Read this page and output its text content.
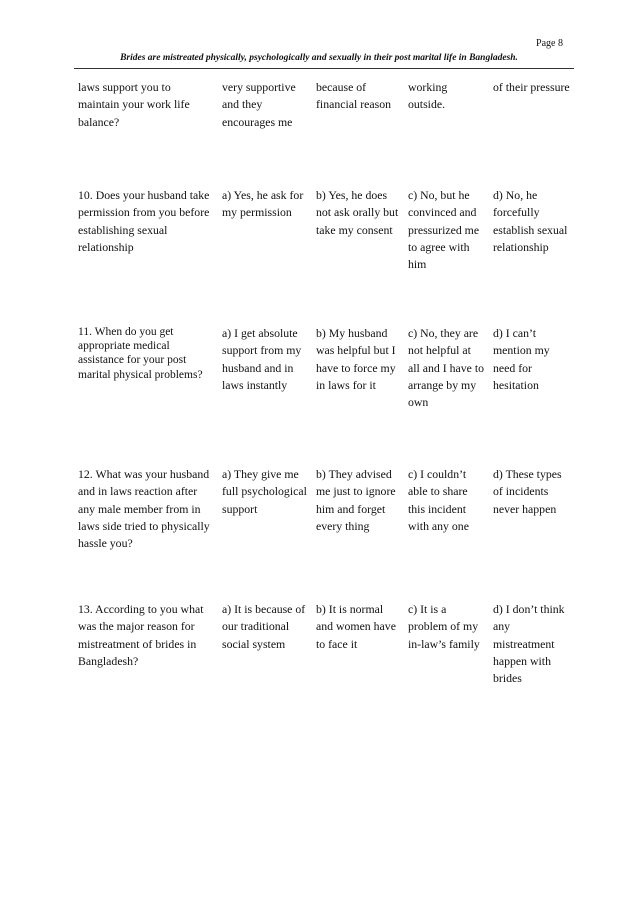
Page 8
Brides are mistreated physically, psychologically and sexually in their post marital life in Bangladesh.
laws support you to maintain your work life balance?	very supportive and they encourages me	because of financial reason	working outside.	of their pressure
10. Does your husband take permission from you before establishing sexual relationship	a) Yes, he ask for my permission	b) Yes, he does not ask orally but take my consent	c) No, but he convinced and pressurized me to agree with him	d) No, he forcefully establish sexual relationship
11. When do you get appropriate medical assistance for your post marital physical problems?	a) I get absolute support from my husband and in laws instantly	b) My husband was helpful but I have to force my in laws for it	c) No, they are not helpful at all and I have to arrange by my own	d) I can’t mention my need for hesitation
12. What was your husband and in laws reaction after any male member from in laws side tried to physically hassle you?	a) They give me full psychological support	b) They advised me just to ignore him and forget every thing	c) I couldn’t able to share this incident with any one	d) These types of incidents never happen
13. According to you what was the major reason for mistreatment of brides in Bangladesh?	a) It is because of our traditional social system	b) It is normal and women have to face it	c) It is a problem of my in-law’s family	d) I don’t think any mistreatment happen with brides
